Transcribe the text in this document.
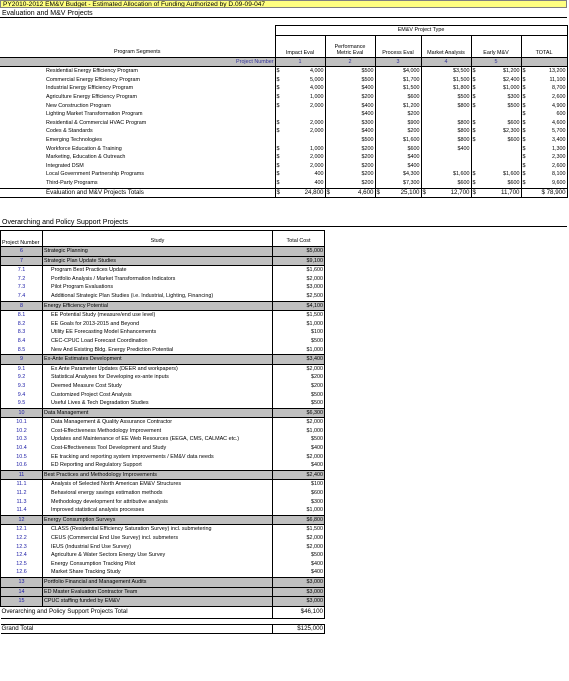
PY2010-2012 EM&V Budget - Estimated Allocation of Funding Authorized by D.09-09-047
Evaluation and M&V Projects
		EM&V Project Type					
Program Segments		Impact Eval	Performance Metric Eval	Process Eval	Market Analysis	Early M&V	TOTAL
Project Number		1	2	3	4	5	
	Residential Energy Efficiency Program	$ 4,000	$500	$4,000	$3,500	$ $1,200	$ 13,200

	Commercial Energy Efficiency Program	$ 5,000	$500	$1,700	$1,500	$ $2,400	$ 11,100

	Industrial Energy Efficiency Program	$ 4,000	$400	$1,500	$1,800	$ $1,000	$ 8,700

	Agriculture Energy Efficiency Program	$ 1,000	$200	$600	$500	$ $300	$ 2,600

	New Construction Program	$ 2,000	$400	$1,200	$800	$ $500	$ 4,900

	Lighting Market Transformation Program		$400	$200			$ 600

	Residential & Commercial HVAC Program	$ 2,000	$300	$900	$800	$ $600	$ 4,600

	Codes & Standards	$ 2,000	$400	$200	$800	$ $2,300	$ 5,700

	Emerging Technologies		$500	$1,600	$800	$ $600	$ 3,400

	Workforce Education & Training	$ 1,000	$200	$600	$400		$ 1,300

	Marketing, Education & Outreach	$ 2,000	$200	$400			$ 2,300

	Integrated DSM	$ 2,000	$200	$400			$ 2,600

	Local Government Partnership Programs	$ 400	$200	$4,300	$1,600	$ $1,600	$ 8,100

	Third-Party Programs	$ 400	$200	$7,300	$600	$ $600	$ 9,600

	Evaluation and M&V Projects Totals	$ 24,800	$ 4,600	$ 25,100	$ 12,700	$ 11,700	$ 78,900
Overarching and Policy Support Projects
Project Number	Study	Total Cost
6	Strategic Planning	$5,000
7	Strategic Plan Update Studies	$9,100
7.1	Program Best Practices Update	$1,600
7.2	Portfolio Analysis / Market Transformation Indicators	$2,000
7.3	Pilot Program Evaluations	$3,000
7.4	Additional Strategic Plan Studies (i.e. Industrial, Lighting, Financing)	$2,500
8	Energy Efficiency Potential	$4,100
8.1	EE Potential Study (measure/end use level)	$1,500
8.2	EE Goals for 2013-2015 and Beyond	$1,000
8.3	Utility EE Forecasting Model Enhancements	$100
8.4	CEC-CPUC Load Forecast Coordination	$500
8.5	New And Existing Bldg. Energy Prediction Potential	$1,000
9	Ex-Ante Estimates Development	$3,400
9.1	Ex Ante Parameter Updates (DEER and workpapers)	$2,000
9.2	Statistical Analyses for Developing ex-ante inputs	$200
9.3	Deemed Measure Cost Study	$200
9.4	Customized Project Cost Analysis	$500
9.5	Useful Lives & Tech Degradation Studies	$500
10	Data Management	$6,300
10.1	Data Management & Quality Assurance Contractor	$2,000
10.2	Cost-Effectiveness Methodology Improvement	$1,000
10.3	Updates and Maintenance of EE Web Resources (EEGA, CMS, CALMAC etc.)	$500
10.4	Cost-Effectiveness Tool Development and Study	$400
10.5	EE tracking and reporting system improvements / EM&V data needs	$2,000
10.6	ED Reporting and Regulatory Support	$400
11	Best Practices and Methodology Improvements	$2,400
11.1	Analysis of Selected North American EM&V Structures	$100
11.2	Behavioral energy savings estimation methods	$600
11.3	Methodology development for attributive analysis	$300
11.4	Improved statistical analysis processes	$1,000
12	Energy Consumption Surveys	$6,800
12.1	CLASS (Residential Efficiency Saturation Survey) incl. submetering	$1,500
12.2	CEUS (Commercial End Use Survey) incl. submeters	$2,000
12.3	IEUS (Industrial End Use Survey)	$2,000
12.4	Agriculture & Water Sectors Energy Use Survey	$500
12.5	Energy Consumption Tracking Pilot	$400
12.6	Market Share Tracking Study	$400
13	Portfolio Financial and Management Audits	$3,000
14	ED Master Evaluation Contractor Team	$3,000
15	CPUC staffing funded by EM&V	$3,000
Overarching and Policy Support Projects Total		$46,100

Grand Total		$125,000
